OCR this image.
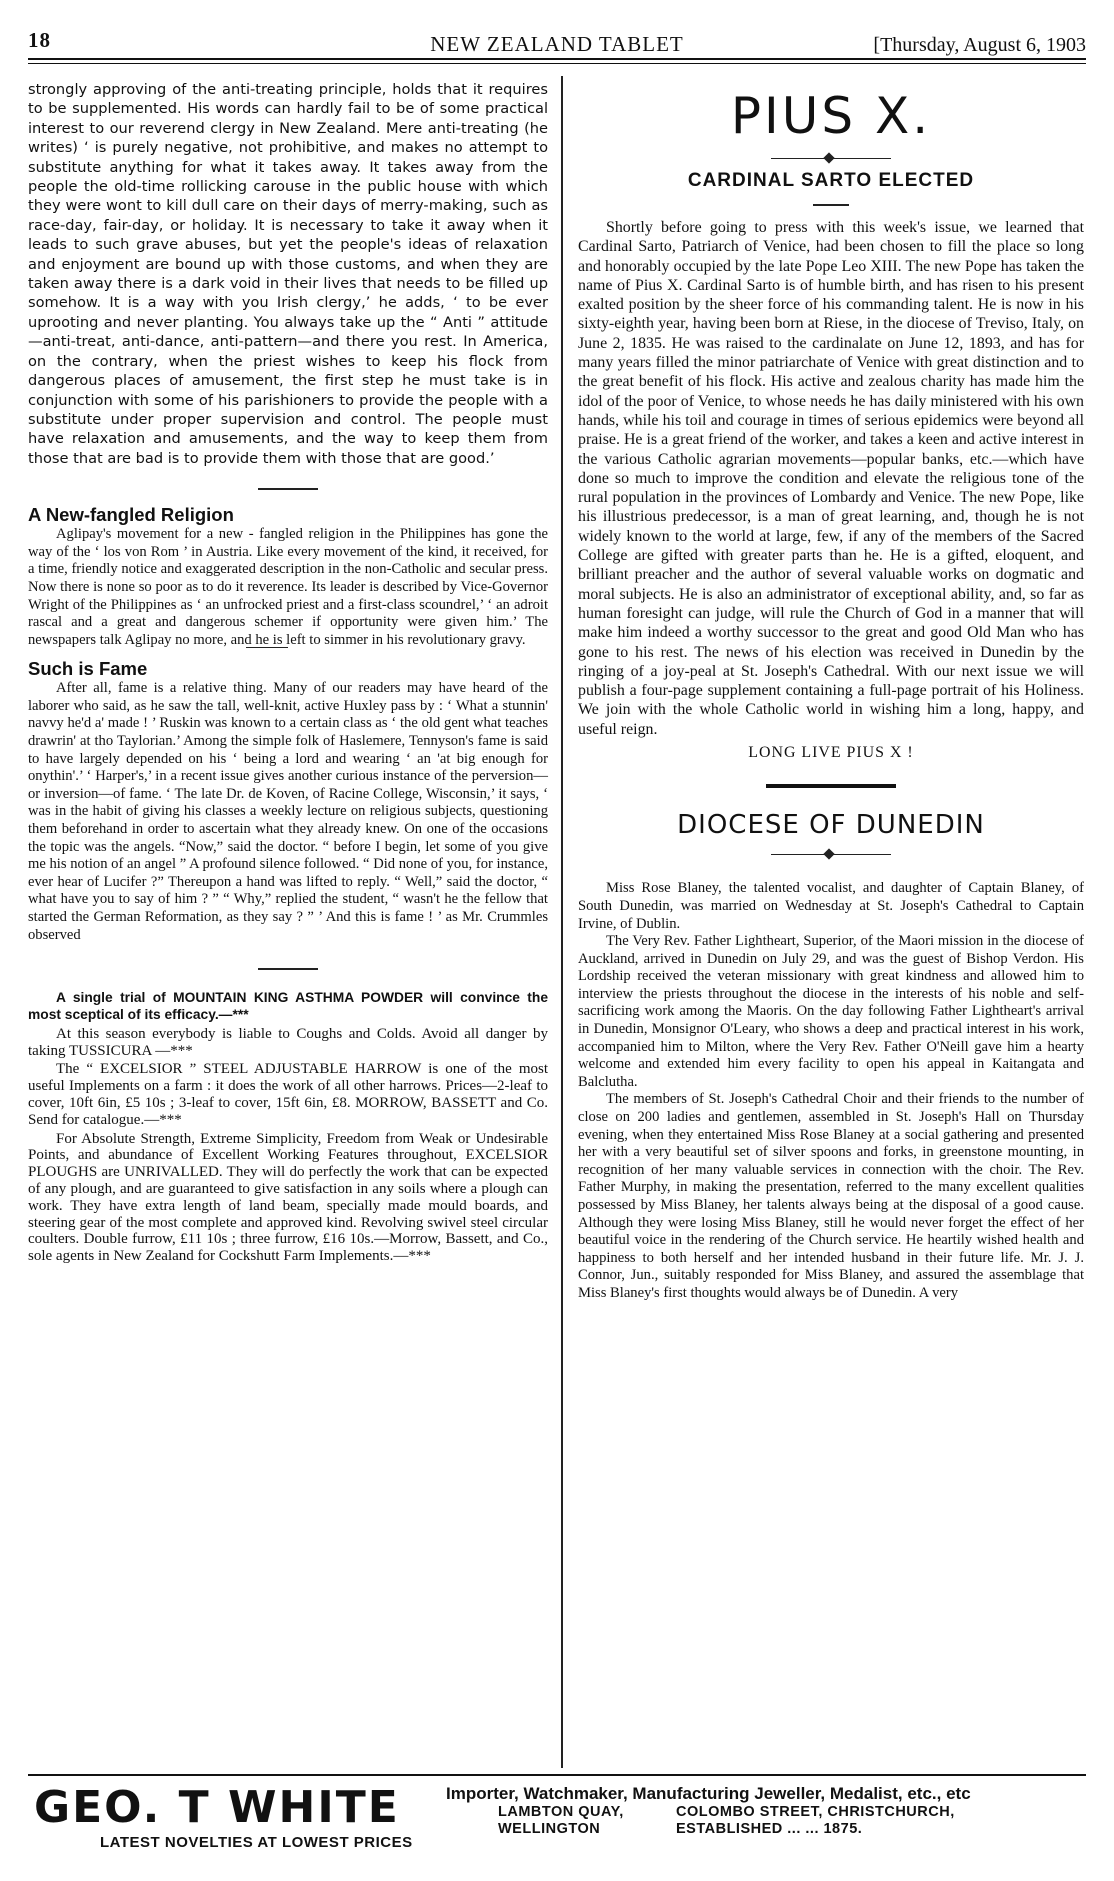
18	NEW ZEALAND TABLET	[Thursday, August 6, 1903

strongly approving of the anti-treating principle, holds that it requires to be supplemented. His words can hardly fail to be of some practical interest to our reverend clergy in New Zealand. Mere anti-treating (he writes) ‘ is purely negative, not prohibitive, and makes no attempt to substitute anything for what it takes away. It takes away from the people the old-time rollicking carouse in the public house with which they were wont to kill dull care on their days of merry-making, such as race-day, fair-day, or holiday. It is necessary to take it away when it leads to such grave abuses, but yet the people's ideas of relaxation and enjoyment are bound up with those customs, and when they are taken away there is a dark void in their lives that needs to be filled up somehow. It is a way with you Irish clergy,’ he adds, ‘ to be ever uprooting and never planting. You always take up the “ Anti ” attitude—anti-treat, anti-dance, anti-pattern—and there you rest. In America, on the contrary, when the priest wishes to keep his flock from dangerous places of amusement, the first step he must take is in conjunction with some of his parishioners to provide the people with a substitute under proper supervision and control. The people must have relaxation and amusements, and the way to keep them from those that are bad is to provide them with those that are good.’

A New-fangled Religion

Aglipay's movement for a new - fangled religion in the Philippines has gone the way of the ‘ los von Rom ’ in Austria. Like every movement of the kind, it received, for a time, friendly notice and exaggerated description in the non-Catholic and secular press. Now there is none so poor as to do it reverence. Its leader is described by Vice-Governor Wright of the Philippines as ‘ an unfrocked priest and a first-class scoundrel,’ ‘ an adroit rascal and a great and dangerous schemer if opportunity were given him.’ The newspapers talk Aglipay no more, and he is left to simmer in his revolutionary gravy.

Such is Fame

After all, fame is a relative thing. Many of our readers may have heard of the laborer who said, as he saw the tall, well-knit, active Huxley pass by : ‘ What a stunnin' navvy he'd a' made ! ’ Ruskin was known to a certain class as ‘ the old gent what teaches drawrin' at tho Taylorian.’ Among the simple folk of Haslemere, Tennyson's fame is said to have largely depended on his ‘ being a lord and wearing ‘ an 'at big enough for onythin'.’ ‘ Harper's,’ in a recent issue gives another curious instance of the perversion—or inversion—of fame. ‘ The late Dr. de Koven, of Racine College, Wisconsin,’ it says, ‘ was in the habit of giving his classes a weekly lecture on religious subjects, questioning them beforehand in order to ascertain what they already knew. On one of the occasions the topic was the angels. “Now,” said the doctor. “ before I begin, let some of you give me his notion of an angel ” A profound silence followed. “ Did none of you, for instance, ever hear of Lucifer ?” Thereupon a hand was lifted to reply. “ Well,” said the doctor, “ what have you to say of him ? ” “ Why,” replied the student, “ wasn't he the fellow that started the German Reformation, as they say ? ” ’ And this is fame ! ’ as Mr. Crummles observed

A single trial of MOUNTAIN KING ASTHMA POWDER will convince the most sceptical of its efficacy.—***

At this season everybody is liable to Coughs and Colds. Avoid all danger by taking TUSSICURA —***

The “ EXCELSIOR ” STEEL ADJUSTABLE HARROW is one of the most useful Implements on a farm : it does the work of all other harrows. Prices—2-leaf to cover, 10ft 6in, £5 10s ; 3-leaf to cover, 15ft 6in, £8. MORROW, BASSETT and Co. Send for catalogue.—***

For Absolute Strength, Extreme Simplicity, Freedom from Weak or Undesirable Points, and abundance of Excellent Working Features throughout, EXCELSIOR PLOUGHS are UNRIVALLED. They will do perfectly the work that can be expected of any plough, and are guaranteed to give satisfaction in any soils where a plough can work. They have extra length of land beam, specially made mould boards, and steering gear of the most complete and approved kind. Revolving swivel steel circular coulters. Double furrow, £11 10s ; three furrow, £16 10s.—Morrow, Bassett, and Co., sole agents in New Zealand for Cockshutt Farm Implements.—***

PIUS X.
CARDINAL SARTO ELECTED

Shortly before going to press with this week's issue, we learned that Cardinal Sarto, Patriarch of Venice, had been chosen to fill the place so long and honorably occupied by the late Pope Leo XIII. The new Pope has taken the name of Pius X. Cardinal Sarto is of humble birth, and has risen to his present exalted position by the sheer force of his commanding talent. He is now in his sixty-eighth year, having been born at Riese, in the diocese of Treviso, Italy, on June 2, 1835. He was raised to the cardinalate on June 12, 1893, and has for many years filled the minor patriarchate of Venice with great distinction and to the great benefit of his flock. His active and zealous charity has made him the idol of the poor of Venice, to whose needs he has daily ministered with his own hands, while his toil and courage in times of serious epidemics were beyond all praise. He is a great friend of the worker, and takes a keen and active interest in the various Catholic agrarian movements—popular banks, etc.—which have done so much to improve the condition and elevate the religious tone of the rural population in the provinces of Lombardy and Venice. The new Pope, like his illustrious predecessor, is a man of great learning, and, though he is not widely known to the world at large, few, if any of the members of the Sacred College are gifted with greater parts than he. He is a gifted, eloquent, and brilliant preacher and the author of several valuable works on dogmatic and moral subjects. He is also an administrator of exceptional ability, and, so far as human foresight can judge, will rule the Church of God in a manner that will make him indeed a worthy successor to the great and good Old Man who has gone to his rest. The news of his election was received in Dunedin by the ringing of a joy-peal at St. Joseph's Cathedral. With our next issue we will publish a four-page supplement containing a full-page portrait of his Holiness. We join with the whole Catholic world in wishing him a long, happy, and useful reign.

LONG LIVE PIUS X !

DIOCESE OF DUNEDIN

Miss Rose Blaney, the talented vocalist, and daughter of Captain Blaney, of South Dunedin, was married on Wednesday at St. Joseph's Cathedral to Captain Irvine, of Dublin.

The Very Rev. Father Lightheart, Superior, of the Maori mission in the diocese of Auckland, arrived in Dunedin on July 29, and was the guest of Bishop Verdon. His Lordship received the veteran missionary with great kindness and allowed him to interview the priests throughout the diocese in the interests of his noble and self-sacrificing work among the Maoris. On the day following Father Lightheart's arrival in Dunedin, Monsignor O'Leary, who shows a deep and practical interest in his work, accompanied him to Milton, where the Very Rev. Father O'Neill gave him a hearty welcome and extended him every facility to open his appeal in Kaitangata and Balclutha.

The members of St. Joseph's Cathedral Choir and their friends to the number of close on 200 ladies and gentlemen, assembled in St. Joseph's Hall on Thursday evening, when they entertained Miss Rose Blaney at a social gathering and presented her with a very beautiful set of silver spoons and forks, in greenstone mounting, in recognition of her many valuable services in connection with the choir. The Rev. Father Murphy, in making the presentation, referred to the many excellent qualities possessed by Miss Blaney, her talents always being at the disposal of a good cause. Although they were losing Miss Blaney, still he would never forget the effect of her beautiful voice in the rendering of the Church service. He heartily wished health and happiness to both herself and her intended husband in their future life. Mr. J. J. Connor, Jun., suitably responded for Miss Blaney, and assured the assemblage that Miss Blaney's first thoughts would always be of Dunedin. A very

GEO. T WHITE
LATEST NOVELTIES AT LOWEST PRICES
Importer, Watchmaker, Manufacturing Jeweller, Medalist, etc., etc
LAMBTON QUAY,
WELLINGTON
COLOMBO STREET, CHRISTCHURCH,
ESTABLISHED ... ... 1875.
